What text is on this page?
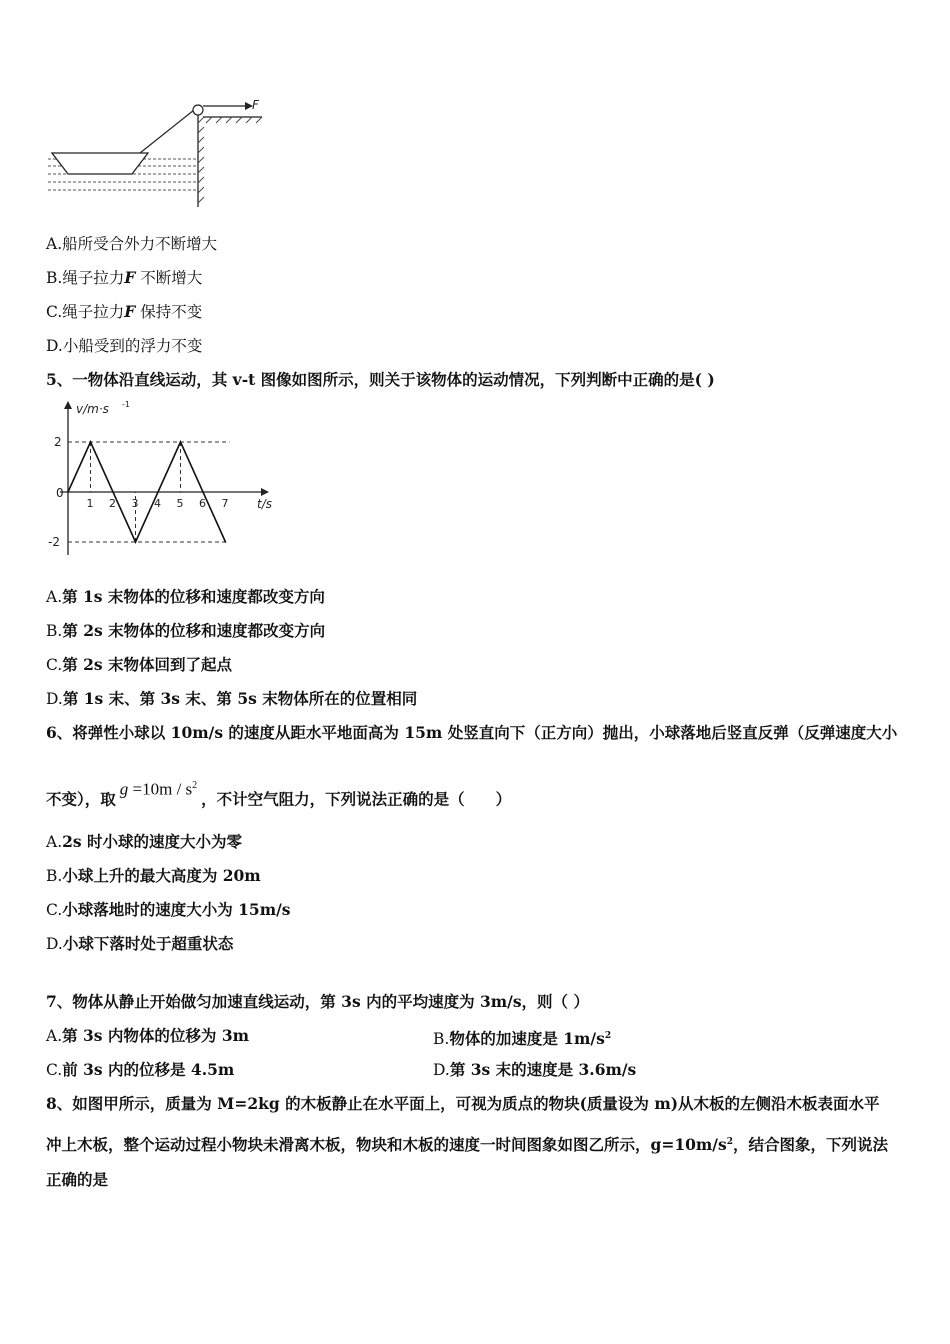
F
A.船所受合外力不断增大
B.绳子拉力F 不断增大
C.绳子拉力F 保持不变
D.小船受到的浮力不变
5、一物体沿直线运动，其 v-t 图像如图所示，则关于该物体的运动情况，下列判断中正确的是( )
v/m·s -1
t/s
0
2
-2
1 2 3 4 5 6 7
A.第 1s 末物体的位移和速度都改变方向
B.第 2s 末物体的位移和速度都改变方向
C.第 2s 末物体回到了起点
D.第 1s 末、第 3s 末、第 5s 末物体所在的位置相同
6、将弹性小球以 10m/s 的速度从距水平地面高为 15m 处竖直向下（正方向）抛出，小球落地后竖直反弹（反弹速度大小
不变），取$g =10m / s^2$，不计空气阻力，下列说法正确的是（　　）
A.2s 时小球的速度大小为零
B.小球上升的最大高度为 20m
C.小球落地时的速度大小为 15m/s
D.小球下落时处于超重状态
7、物体从静止开始做匀加速直线运动，第 3s 内的平均速度为 3m/s，则（ ）
A.第 3s 内物体的位移为 3m	B.物体的加速度是 $1m/s^2$
C.前 3s 内的位移是 4.5m	D.第 3s 末的速度是 3.6m/s
8、如图甲所示，质量为 M=2kg 的木板静止在水平面上，可视为质点的物块(质量设为 m)从木板的左侧沿木板表面水平
冲上木板，整个运动过程小物块未滑离木板，物块和木板的速度一时间图象如图乙所示，$g=10m/s^2$，结合图象，下列说法
正确的是
